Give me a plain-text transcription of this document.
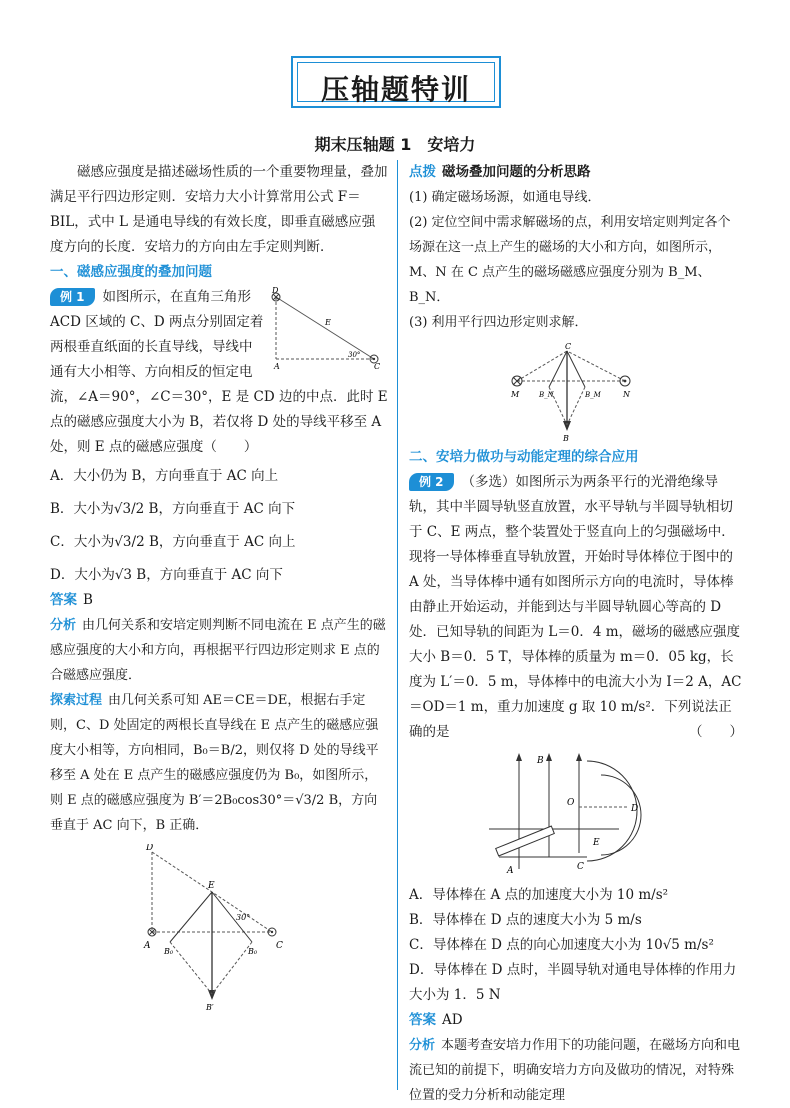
压轴题特训
期末压轴题 1　安培力

磁感应强度是描述磁场性质的一个重要物理量，叠加满足平行四边形定则．安培力大小计算常用公式 F＝BIL，式中 L 是通电导线的有效长度，即垂直磁感应强度方向的长度．安培力的方向由左手定则判断．

一、磁感应强度的叠加问题

D
E
A	C
30°

例 1 如图所示，在直角三角形 ACD 区域的 C、D 两点分别固定着两根垂直纸面的长直导线，导线中通有大小相等、方向相反的恒定电流，∠A＝90°，∠C＝30°，E 是 CD 边的中点．此时 E 点的磁感应强度大小为 B，若仅将 D 处的导线平移至 A 处，则 E 点的磁感应强度（　　）

A．大小仍为 B，方向垂直于 AC 向上

B．大小为√3/2 B，方向垂直于 AC 向下

C．大小为√3/2 B，方向垂直于 AC 向上

D．大小为√3 B，方向垂直于 AC 向下

答案 B

分析 由几何关系和安培定则判断不同电流在 E 点产生的磁感应强度的大小和方向，再根据平行四边形定则求 E 点的合磁感应强度．

探索过程 由几何关系可知 AE＝CE＝DE，根据右手定则，C、D 处固定的两根长直导线在 E 点产生的磁感应强度大小相等，方向相同，B₀＝B/2，则仅将 D 处的导线平移至 A 处在 E 点产生的磁感应强度仍为 B₀，如图所示，则 E 点的磁感应强度为 B′＝2B₀cos30°＝√3/2 B，方向垂直于 AC 向下，B 正确．

D
E
A	C
B₀	B₀
B′
30°

点拨 磁场叠加问题的分析思路

(1) 确定磁场场源，如通电导线．

(2) 定位空间中需求解磁场的点，利用安培定则判定各个场源在这一点上产生的磁场的大小和方向，如图所示，M、N 在 C 点产生的磁场磁感应强度分别为 B_M、B_N．

(3) 利用平行四边形定则求解．

C
M	N
B_N	B_M
B

二、安培力做功与动能定理的综合应用

例 2 （多选）如图所示为两条平行的光滑绝缘导轨，其中半圆导轨竖直放置，水平导轨与半圆导轨相切于 C、E 两点，整个装置处于竖直向上的匀强磁场中．现将一导体棒垂直导轨放置，开始时导体棒位于图中的 A 处，当导体棒中通有如图所示方向的电流时，导体棒由静止开始运动，并能到达与半圆导轨圆心等高的 D 处．已知导轨的间距为 L＝0．4 m，磁场的磁感应强度大小 B＝0．5 T，导体棒的质量为 m＝0．05 kg，长度为 L′＝0．5 m，导体棒中的电流大小为 I＝2 A，AC＝OD＝1 m，重力加速度 g 取 10 m/s²．下列说法正确的是	（　　）

O
D
A	C
E
B

A．导体棒在 A 点的加速度大小为 10 m/s²

B．导体棒在 D 点的速度大小为 5 m/s

C．导体棒在 D 点的向心加速度大小为 10√5 m/s²

D．导体棒在 D 点时，半圆导轨对通电导体棒的作用力大小为 1．5 N

答案 AD

分析 本题考查安培力作用下的功能问题，在磁场方向和电流已知的前提下，明确安培力方向及做功的情况，对特殊位置的受力分析和动能定理
